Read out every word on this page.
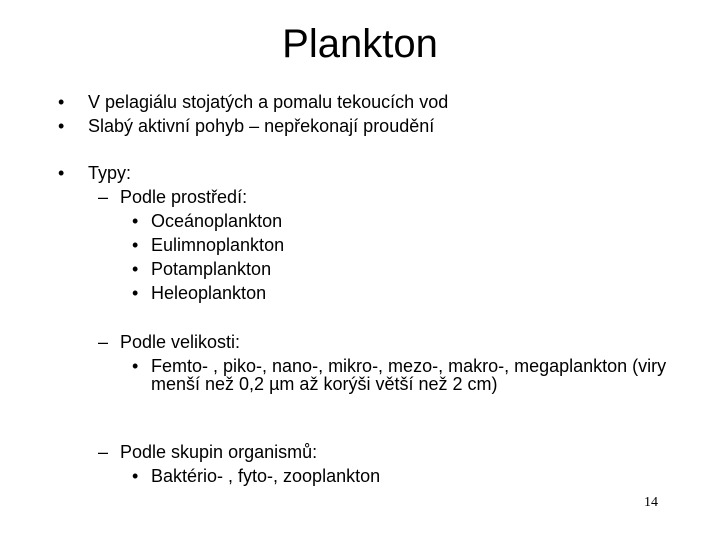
Plankton
• V pelagiálu stojatých a pomalu tekoucích vod
• Slabý aktivní pohyb – nepřekonají proudění
• Typy:
– Podle prostředí:
• Oceánoplankton
• Eulimnoplankton
• Potamplankton
• Heleoplankton
– Podle velikosti:
• Femto- , piko-, nano-, mikro-, mezo-, makro-, megaplankton (viry menší než 0,2 µm až korýši větší než 2 cm)
– Podle skupin organismů:
• Baktério- , fyto-, zooplankton
14
